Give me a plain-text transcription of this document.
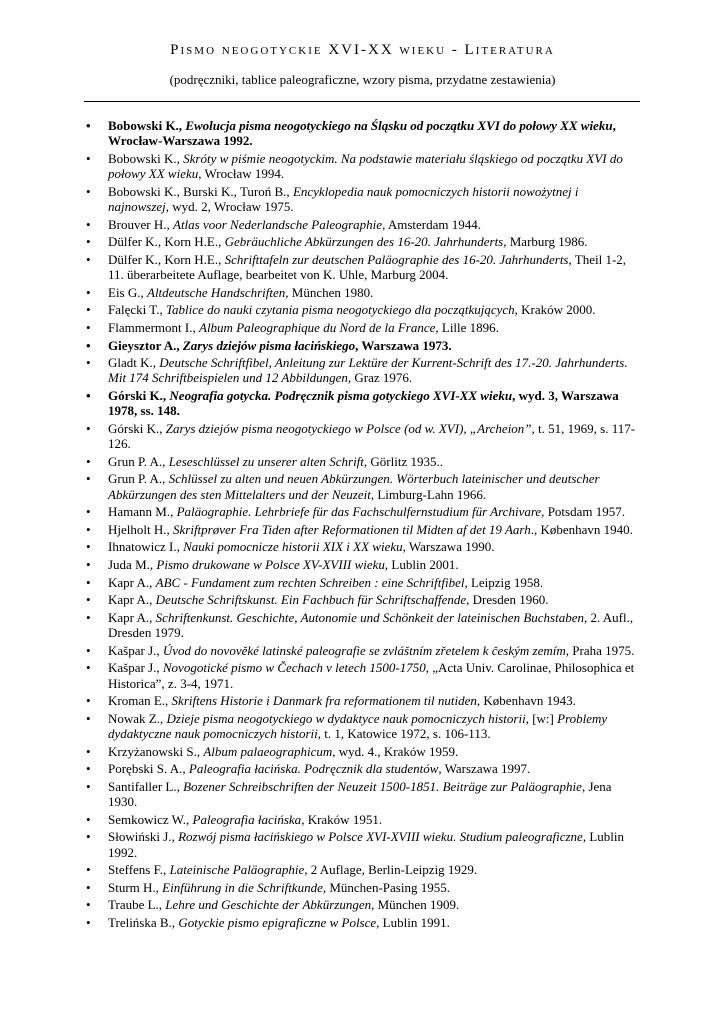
Pismo neogotyckie XVI-XX wieku - Literatura

(podręczniki, tablice paleograficzne, wzory pisma, przydatne zestawienia)

• Bobowski K., Ewolucja pisma neogotyckiego na Śląsku od początku XVI do połowy XX wieku, Wrocław-Warszawa 1992.
• Bobowski K., Skróty w piśmie neogotyckim. Na podstawie materiału śląskiego od początku XVI do połowy XX wieku, Wrocław 1994.
• Bobowski K., Burski K., Turoń B., Encyklopedia nauk pomocniczych historii nowożytnej i najnowszej, wyd. 2, Wrocław 1975.
• Brouver H., Atlas voor Nederlandsche Paleographie, Amsterdam 1944.
• Dülfer K., Korn H.E., Gebräuchliche Abkürzungen des 16-20. Jahrhunderts, Marburg 1986.
• Dülfer K., Korn H.E., Schrifttafeln zur deutschen Paläographie des 16-20. Jahrhunderts, Theil 1-2, 11. überarbeitete Auflage, bearbeitet von K. Uhle, Marburg 2004.
• Eis G., Altdeutsche Handschriften, München 1980.
• Falęcki T., Tablice do nauki czytania pisma neogotyckiego dla początkujących, Kraków 2000.
• Flammermont I., Album Paleographique du Nord de la France, Lille 1896.
• Gieysztor A., Zarys dziejów pisma łacińskiego, Warszawa 1973.
• Gladt K., Deutsche Schriftfibel, Anleitung zur Lektüre der Kurrent-Schrift des 17.-20. Jahrhunderts. Mit 174 Schriftbeispielen und 12 Abbildungen, Graz 1976.
• Górski K., Neografia gotycka. Podręcznik pisma gotyckiego XVI-XX wieku, wyd. 3, Warszawa 1978, ss. 148.
• Górski K., Zarys dziejów pisma neogotyckiego w Polsce (od w. XVI), „Archeion”, t. 51, 1969, s. 117-126.
• Grun P. A., Leseschlüssel zu unserer alten Schrift, Görlitz 1935..
• Grun P. A., Schlüssel zu alten und neuen Abkürzungen. Wörterbuch lateinischer und deutscher Abkürzungen des sten Mittelalters und der Neuzeit, Limburg-Lahn 1966.
• Hamann M., Paläographie. Lehrbriefe für das Fachschulfernstudium für Archivare, Potsdam 1957.
• Hjelholt H., Skriftprøver Fra Tiden after Reformationen til Midten af det 19 Aarh., København 1940.
• Ihnatowicz I., Nauki pomocnicze historii XIX i XX wieku, Warszawa 1990.
• Juda M., Pismo drukowane w Polsce XV-XVIII wieku, Lublin 2001.
• Kapr A., ABC - Fundament zum rechten Schreiben : eine Schriftfibel, Leipzig 1958.
• Kapr A., Deutsche Schriftskunst. Ein Fachbuch für Schriftschaffende, Dresden 1960.
• Kapr A., Schriftenkunst. Geschichte, Autonomie und Schönkeit der lateinischen Buchstaben, 2. Aufl., Dresden 1979.
• Kašpar J., Úvod do novověké latinské paleografie se zvláštním zřetelem k českým zemím, Praha 1975.
• Kašpar J., Novogotické pismo w Čechach v letech 1500-1750, „Acta Univ. Carolinae, Philosophica et Historica”, z. 3-4, 1971.
• Kroman E., Skriftens Historie i Danmark fra reformationem til nutiden, København 1943.
• Nowak Z., Dzieje pisma neogotyckiego w dydaktyce nauk pomocniczych historii, [w:] Problemy dydaktyczne nauk pomocniczych historii, t. 1, Katowice 1972, s. 106-113.
• Krzyżanowski S., Album palaeographicum, wyd. 4., Kraków 1959.
• Porębski S. A., Paleografia łacińska. Podręcznik dla studentów, Warszawa 1997.
• Santifaller L., Bozener Schreibschriften der Neuzeit 1500-1851. Beiträge zur Paläographie, Jena 1930.
• Semkowicz W., Paleografia łacińska, Kraków 1951.
• Słowiński J., Rozwój pisma łacińskiego w Polsce XVI-XVIII wieku. Studium paleograficzne, Lublin 1992.
• Steffens F., Lateinische Paläographie, 2 Auflage, Berlin-Leipzig 1929.
• Sturm H., Einführung in die Schriftkunde, München-Pasing 1955.
• Traube L., Lehre und Geschichte der Abkürzungen, München 1909.
• Trelińska B., Gotyckie pismo epigraficzne w Polsce, Lublin 1991.
